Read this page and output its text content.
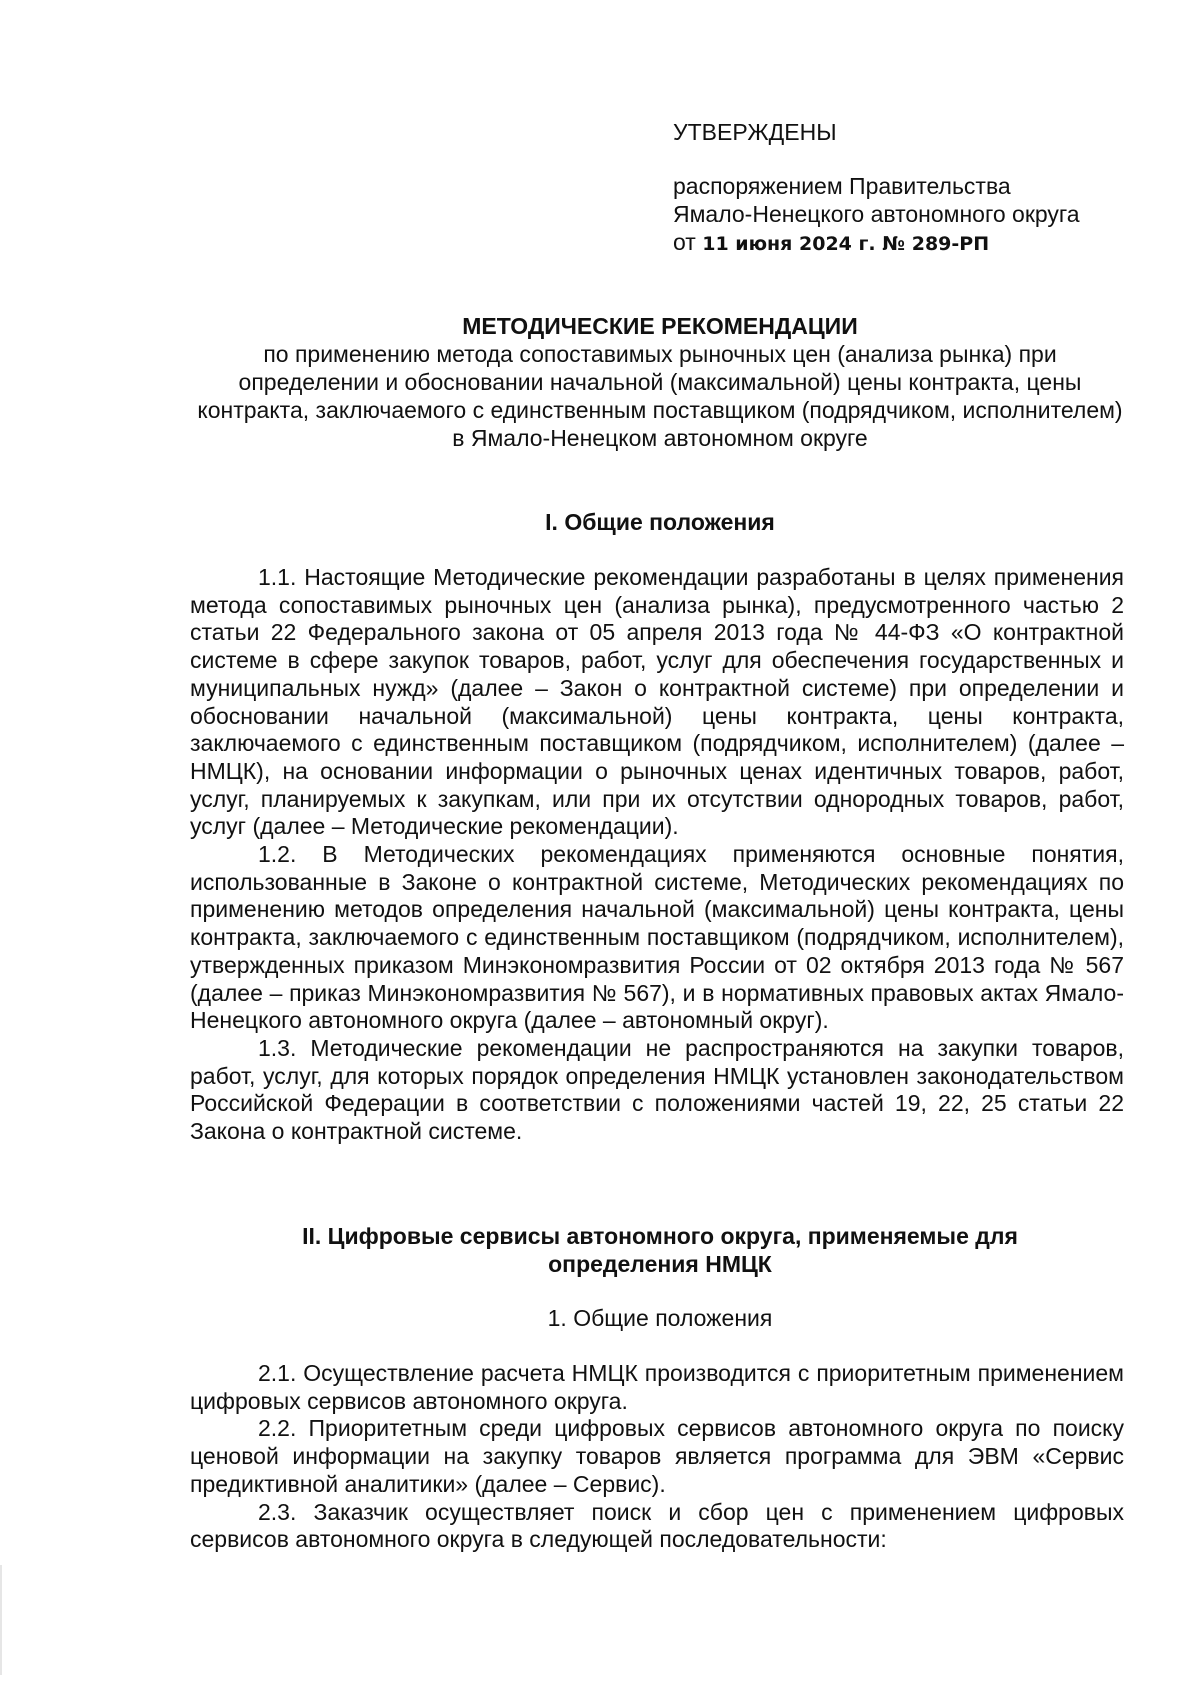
УТВЕРЖДЕНЫ
распоряжением Правительства
Ямало-Ненецкого автономного округа
от 11 июня 2024 г. № 289-РП
МЕТОДИЧЕСКИЕ РЕКОМЕНДАЦИИ
по применению метода сопоставимых рыночных цен (анализа рынка) при определении и обосновании начальной (максимальной) цены контракта, цены контракта, заключаемого с единственным поставщиком (подрядчиком, исполнителем) в Ямало-Ненецком автономном округе
I. Общие положения

1.1. Настоящие Методические рекомендации разработаны в целях применения метода сопоставимых рыночных цен (анализа рынка), предусмотренного частью 2 статьи 22 Федерального закона от 05 апреля 2013 года № 44-ФЗ «О контрактной системе в сфере закупок товаров, работ, услуг для обеспечения государственных и муниципальных нужд» (далее – Закон о контрактной системе) при определении и обосновании начальной (максимальной) цены контракта, цены контракта, заключаемого с единственным поставщиком (подрядчиком, исполнителем) (далее – НМЦК), на основании информации о рыночных ценах идентичных товаров, работ, услуг, планируемых к закупкам, или при их отсутствии однородных товаров, работ, услуг (далее – Методические рекомендации).

1.2. В Методических рекомендациях применяются основные понятия, использованные в Законе о контрактной системе, Методических рекомендациях по применению методов определения начальной (максимальной) цены контракта, цены контракта, заключаемого с единственным поставщиком (подрядчиком, исполнителем), утвержденных приказом Минэкономразвития России от 02 октября 2013 года № 567 (далее – приказ Минэкономразвития № 567), и в нормативных правовых актах Ямало-Ненецкого автономного округа (далее – автономный округ).

1.3. Методические рекомендации не распространяются на закупки товаров, работ, услуг, для которых порядок определения НМЦК установлен законодательством Российской Федерации в соответствии с положениями частей 19, 22, 25 статьи 22 Закона о контрактной системе.

II. Цифровые сервисы автономного округа, применяемые для определения НМЦК
1. Общие положения

2.1. Осуществление расчета НМЦК производится с приоритетным применением цифровых сервисов автономного округа.

2.2. Приоритетным среди цифровых сервисов автономного округа по поиску ценовой информации на закупку товаров является программа для ЭВМ «Сервис предиктивной аналитики» (далее – Сервис).

2.3. Заказчик осуществляет поиск и сбор цен с применением цифровых сервисов автономного округа в следующей последовательности:
